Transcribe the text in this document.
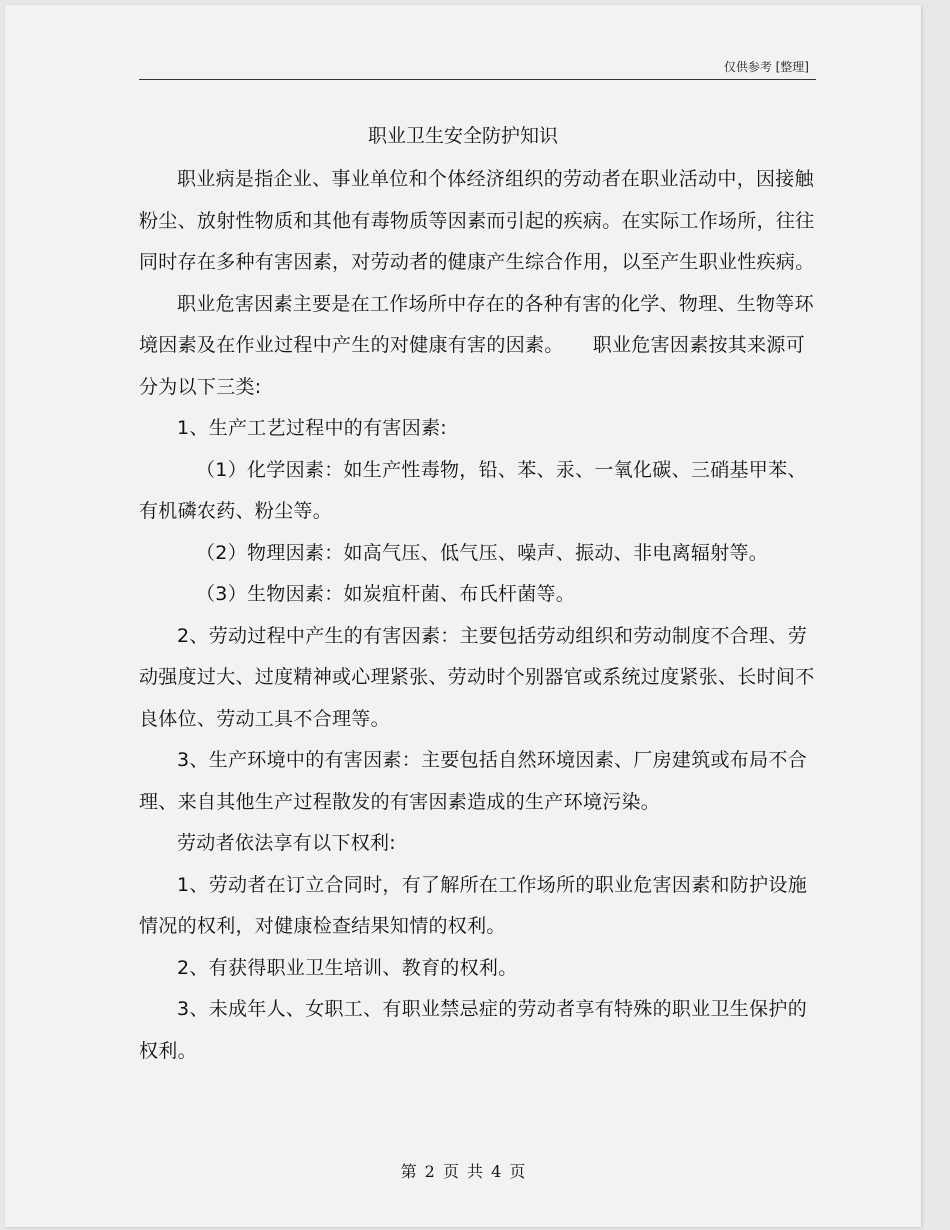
仅供参考 [整理]
职业卫生安全防护知识

职业病是指企业、事业单位和个体经济组织的劳动者在职业活动中，因接触粉尘、放射性物质和其他有毒物质等因素而引起的疾病。在实际工作场所，往往同时存在多种有害因素，对劳动者的健康产生综合作用，以至产生职业性疾病。

职业危害因素主要是在工作场所中存在的各种有害的化学、物理、生物等环境因素及在作业过程中产生的对健康有害的因素。　　职业危害因素按其来源可分为以下三类:

1、生产工艺过程中的有害因素:

（1）化学因素：如生产性毒物，铅、苯、汞、一氧化碳、三硝基甲苯、有机磷农药、粉尘等。

（2）物理因素：如高气压、低气压、噪声、振动、非电离辐射等。

（3）生物因素：如炭疽杆菌、布氏杆菌等。

2、劳动过程中产生的有害因素：主要包括劳动组织和劳动制度不合理、劳动强度过大、过度精神或心理紧张、劳动时个别器官或系统过度紧张、长时间不良体位、劳动工具不合理等。

3、生产环境中的有害因素：主要包括自然环境因素、厂房建筑或布局不合理、来自其他生产过程散发的有害因素造成的生产环境污染。

劳动者依法享有以下权利:

1、劳动者在订立合同时，有了解所在工作场所的职业危害因素和防护设施情况的权利，对健康检查结果知情的权利。

2、有获得职业卫生培训、教育的权利。

3、未成年人、女职工、有职业禁忌症的劳动者享有特殊的职业卫生保护的权利。

第 2 页 共 4 页
